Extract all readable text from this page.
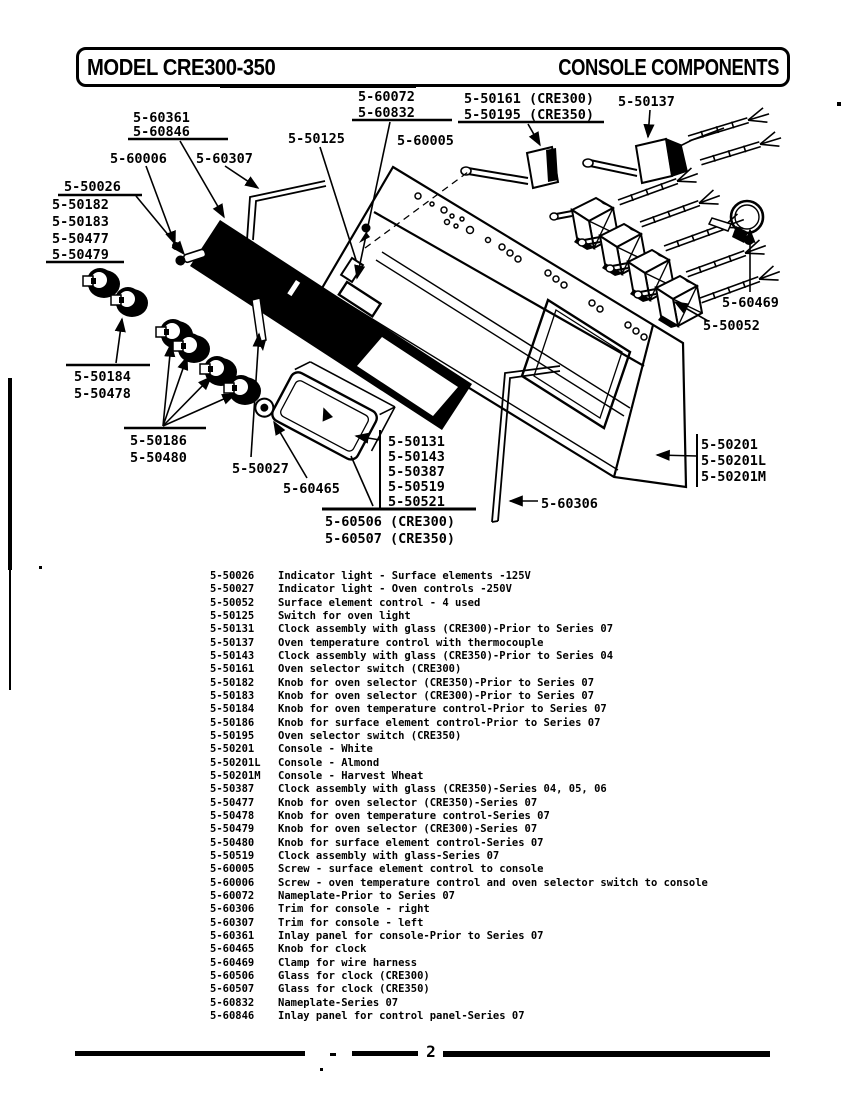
5-60361
5-60846
5-60006 5-60307
5-50125
5-60072
5-60832
5-60005
5-50161 (CRE300)
5-50195 (CRE350)
5-50137
5-50026
5-50182
5-50183
5-50477
5-50479
5-50184
5-50478
5-50186
5-50480
5-50027
5-60465
5-50131
5-50143
5-50387
5-50519
5-50521
5-60506 (CRE300)
5-60507 (CRE350)
5-60306
5-50201
5-50201L
5-50201M
5-60469
5-50052
MODEL CRE300-350	CONSOLE COMPONENTS
5-50026	Indicator light - Surface elements -125V
5-50027	Indicator light - Oven controls -250V
5-50052	Surface element control - 4 used
5-50125	Switch for oven light
5-50131	Clock assembly with glass (CRE300)-Prior to Series 07
5-50137	Oven temperature control with thermocouple
5-50143	Clock assembly with glass (CRE350)-Prior to Series 04
5-50161	Oven selector switch (CRE300)
5-50182	Knob for oven selector (CRE350)-Prior to Series 07
5-50183	Knob for oven selector (CRE300)-Prior to Series 07
5-50184	Knob for oven temperature control-Prior to Series 07
5-50186	Knob for surface element control-Prior to Series 07
5-50195	Oven selector switch (CRE350)
5-50201	Console - White
5-50201L	Console - Almond
5-50201M	Console - Harvest Wheat
5-50387	Clock assembly with glass (CRE350)-Series 04, 05, 06
5-50477	Knob for oven selector (CRE350)-Series 07
5-50478	Knob for oven temperature control-Series 07
5-50479	Knob for oven selector (CRE300)-Series 07
5-50480	Knob for surface element control-Series 07
5-50519	Clock assembly with glass-Series 07
5-60005	Screw - surface element control to console
5-60006	Screw - oven temperature control and oven selector switch to console
5-60072	Nameplate-Prior to Series 07
5-60306	Trim for console - right
5-60307	Trim for console - left
5-60361	Inlay panel for console-Prior to Series 07
5-60465	Knob for clock
5-60469	Clamp for wire harness
5-60506	Glass for clock (CRE300)
5-60507	Glass for clock (CRE350)
5-60832	Nameplate-Series 07
5-60846	Inlay panel for control panel-Series 07
2
